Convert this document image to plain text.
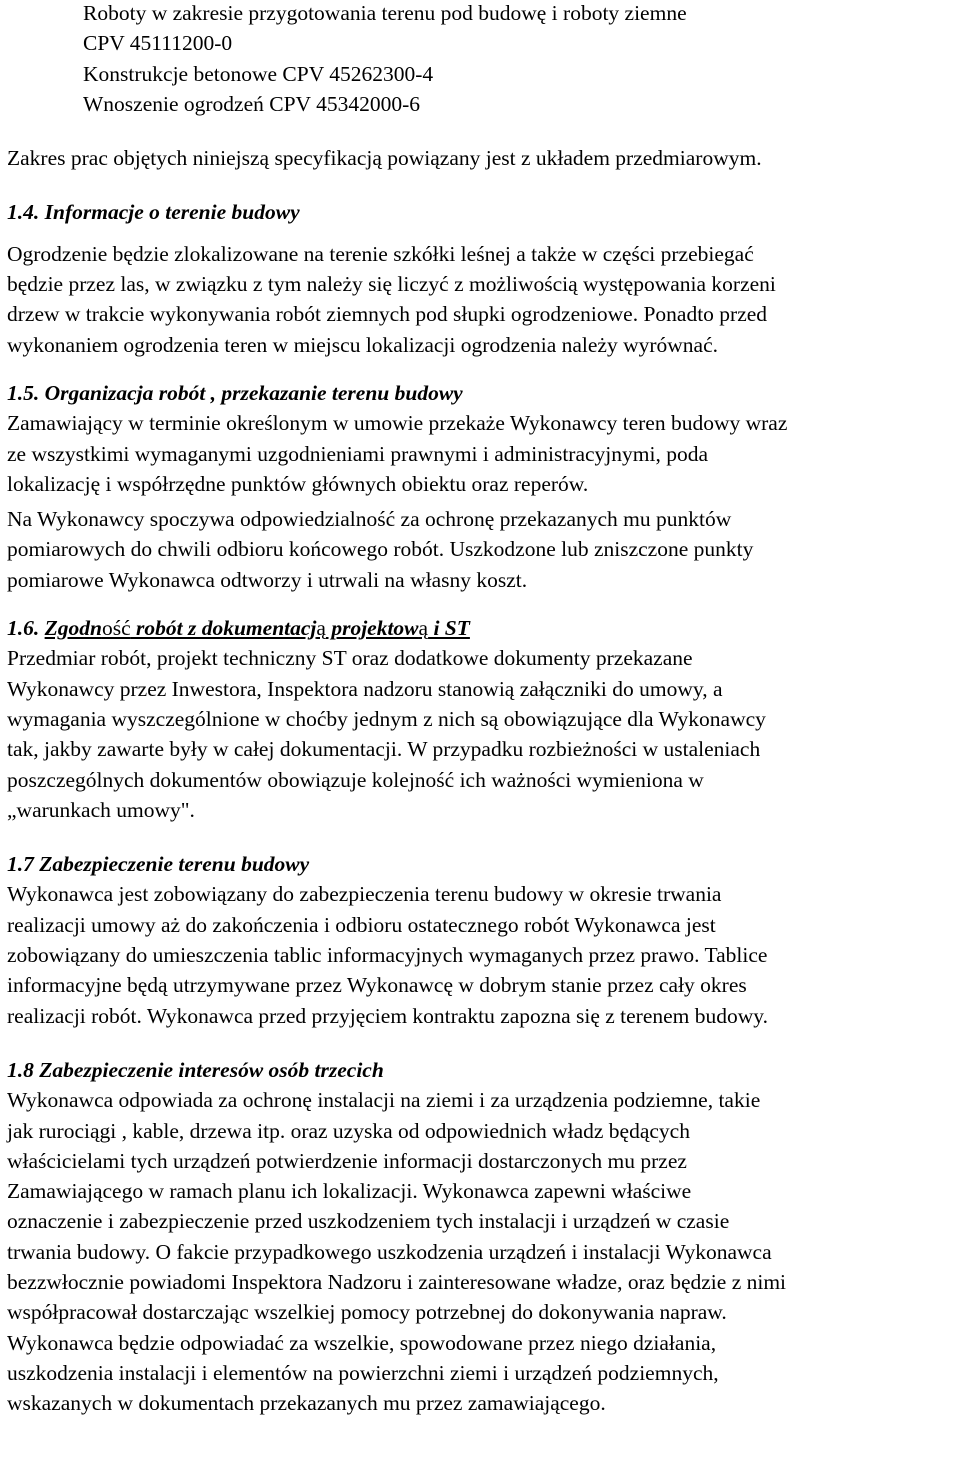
Roboty w zakresie przygotowania terenu pod budowę i roboty ziemne
CPV 45111200-0
Konstrukcje betonowe CPV 45262300-4
Wnoszenie ogrodzeń CPV 45342000-6
Zakres prac objętych niniejszą specyfikacją powiązany jest z układem przedmiarowym.
1.4. Informacje o terenie budowy
Ogrodzenie będzie zlokalizowane na terenie szkółki leśnej a także w części przebiegać
będzie przez las, w związku z tym należy się liczyć z możliwością występowania korzeni
drzew w trakcie wykonywania robót ziemnych pod słupki ogrodzeniowe. Ponadto przed
wykonaniem ogrodzenia teren w miejscu lokalizacji ogrodzenia należy wyrównać.
1.5. Organizacja robót , przekazanie terenu budowy
Zamawiający w terminie określonym w umowie przekaże Wykonawcy teren budowy wraz
ze wszystkimi wymaganymi uzgodnieniami prawnymi i administracyjnymi, poda
lokalizację i współrzędne punktów głównych obiektu oraz reperów.
Na Wykonawcy spoczywa odpowiedzialność za ochronę przekazanych mu punktów
pomiarowych do chwili odbioru końcowego robót. Uszkodzone lub zniszczone punkty
pomiarowe Wykonawca odtworzy i utrwali na własny koszt.
1.6. Zgodność robót z dokumentacją projektową i ST
Przedmiar robót, projekt techniczny ST oraz dodatkowe dokumenty przekazane
Wykonawcy przez Inwestora, Inspektora nadzoru stanowią załączniki do umowy, a
wymagania wyszczególnione w choćby jednym z nich są obowiązujące dla Wykonawcy
tak, jakby zawarte były w całej dokumentacji. W przypadku rozbieżności w ustaleniach
poszczególnych dokumentów obowiązuje kolejność ich ważności wymieniona w
„warunkach umowy".
1.7 Zabezpieczenie terenu budowy
Wykonawca jest zobowiązany do zabezpieczenia terenu budowy w okresie trwania
realizacji umowy aż do zakończenia i odbioru ostatecznego robót Wykonawca jest
zobowiązany do umieszczenia tablic informacyjnych wymaganych przez prawo. Tablice
informacyjne będą utrzymywane przez Wykonawcę w dobrym stanie przez cały okres
realizacji robót. Wykonawca przed przyjęciem kontraktu zapozna się z terenem budowy.
1.8 Zabezpieczenie interesów osób trzecich
Wykonawca odpowiada za ochronę instalacji na ziemi i za urządzenia podziemne, takie
jak rurociągi , kable, drzewa itp. oraz uzyska od odpowiednich władz będących
właścicielami tych urządzeń potwierdzenie informacji dostarczonych mu przez
Zamawiającego w ramach planu ich lokalizacji. Wykonawca zapewni właściwe
oznaczenie i zabezpieczenie przed uszkodzeniem tych instalacji i urządzeń w czasie
trwania budowy. O fakcie przypadkowego uszkodzenia urządzeń i instalacji Wykonawca
bezzwłocznie powiadomi Inspektora Nadzoru i zainteresowane władze, oraz będzie z nimi
współpracował dostarczając wszelkiej pomocy potrzebnej do dokonywania napraw.
Wykonawca będzie odpowiadać za wszelkie, spowodowane przez niego działania,
uszkodzenia instalacji i elementów na powierzchni ziemi i urządzeń podziemnych,
wskazanych w dokumentach przekazanych mu przez zamawiającego.
